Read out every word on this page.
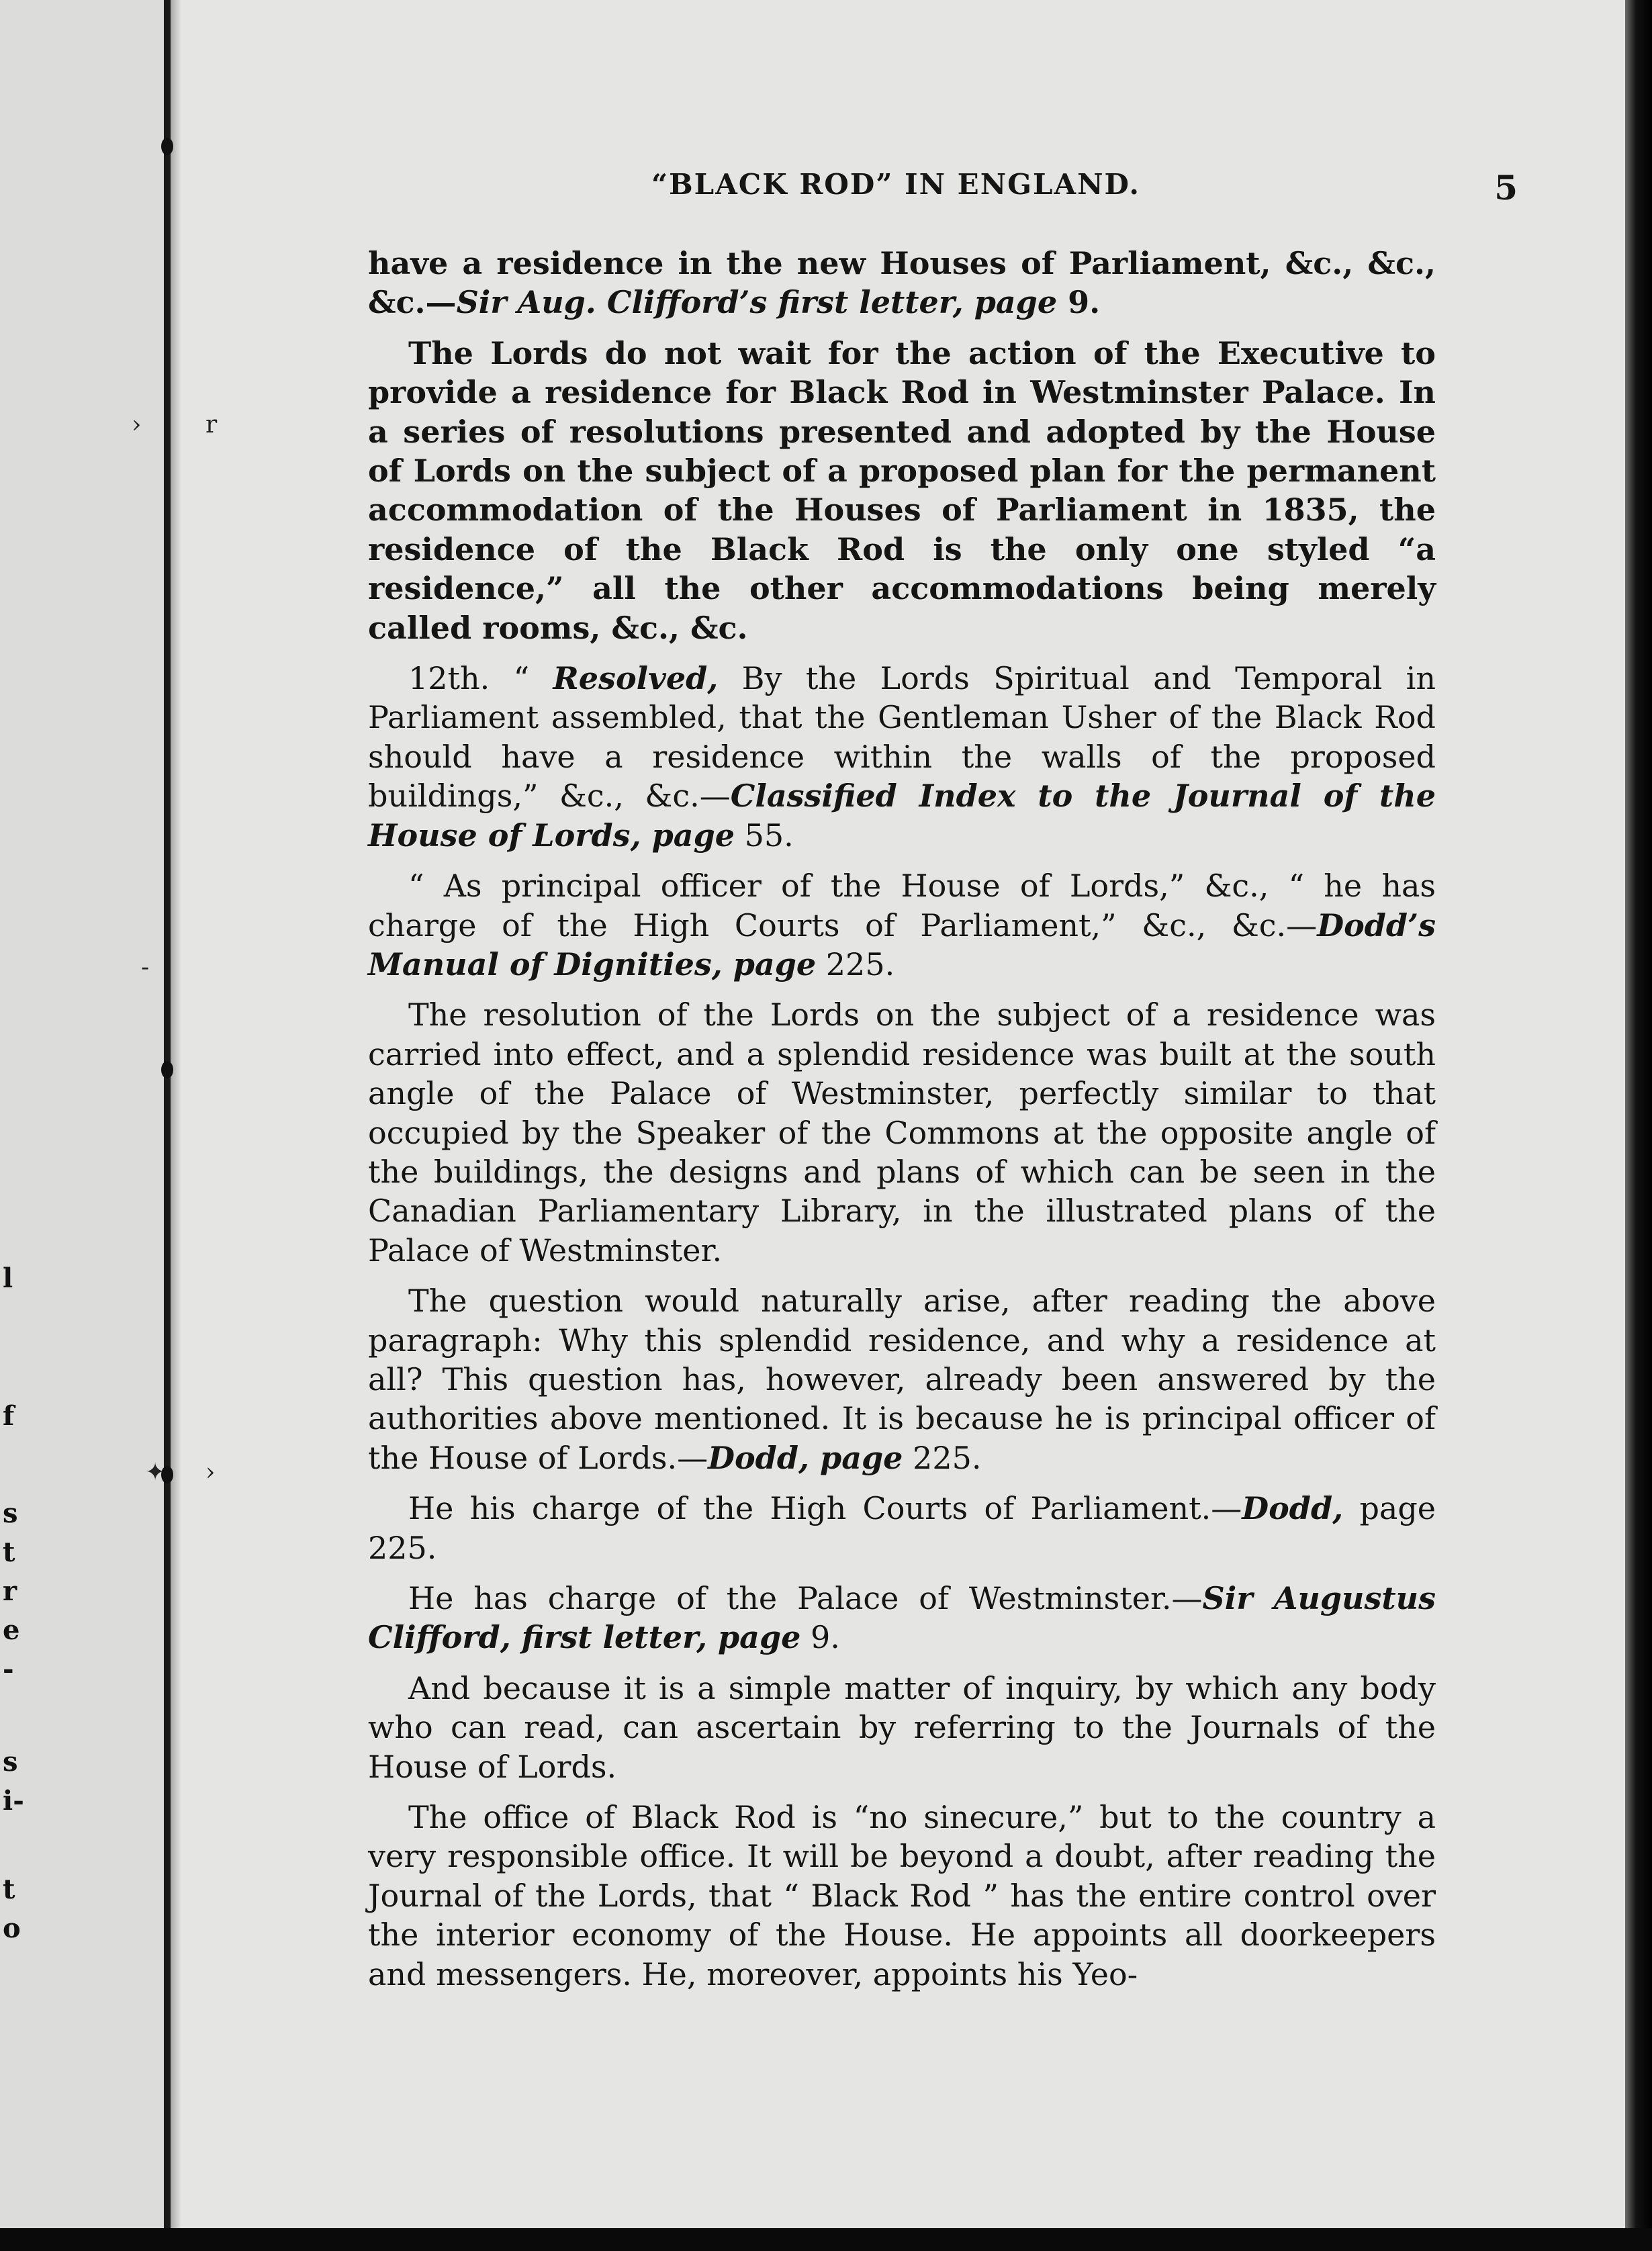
l
f
s
t
r
e
-
s
i-
t
o
›	r
-
✦ ›
“BLACK ROD” IN ENGLAND.	5

have a residence in the new Houses of Parliament, &c., &c., &c.—Sir Aug. Clifford’s first letter, page 9.

The Lords do not wait for the action of the Executive to provide a residence for Black Rod in Westminster Palace. In a series of resolutions presented and adopted by the House of Lords on the subject of a proposed plan for the permanent accommodation of the Houses of Parliament in 1835, the residence of the Black Rod is the only one styled “a residence,” all the other accommodations being merely called rooms, &c., &c.

12th. “ Resolved, By the Lords Spiritual and Temporal in Parliament assembled, that the Gentleman Usher of the Black Rod should have a residence within the walls of the proposed buildings,” &c., &c.—Classified Index to the Journal of the House of Lords, page 55.

“ As principal officer of the House of Lords,” &c., “ he has charge of the High Courts of Parliament,” &c., &c.—Dodd’s Manual of Dignities, page 225.

The resolution of the Lords on the subject of a residence was carried into effect, and a splendid residence was built at the south angle of the Palace of Westminster, perfectly similar to that occupied by the Speaker of the Commons at the opposite angle of the buildings, the designs and plans of which can be seen in the Canadian Parliamentary Library, in the illustrated plans of the Palace of Westminster.

The question would naturally arise, after reading the above paragraph: Why this splendid residence, and why a residence at all? This question has, however, already been answered by the authorities above mentioned. It is because he is principal officer of the House of Lords.—Dodd, page 225.

He his charge of the High Courts of Parliament.—Dodd, page 225.

He has charge of the Palace of Westminster.—Sir Augustus Clifford, first letter, page 9.

And because it is a simple matter of inquiry, by which any body who can read, can ascertain by referring to the Journals of the House of Lords.

The office of Black Rod is “no sinecure,” but to the country a very responsible office. It will be beyond a doubt, after reading the Journal of the Lords, that “ Black Rod ” has the entire control over the interior economy of the House. He appoints all doorkeepers and messengers. He, moreover, appoints his Yeo-
